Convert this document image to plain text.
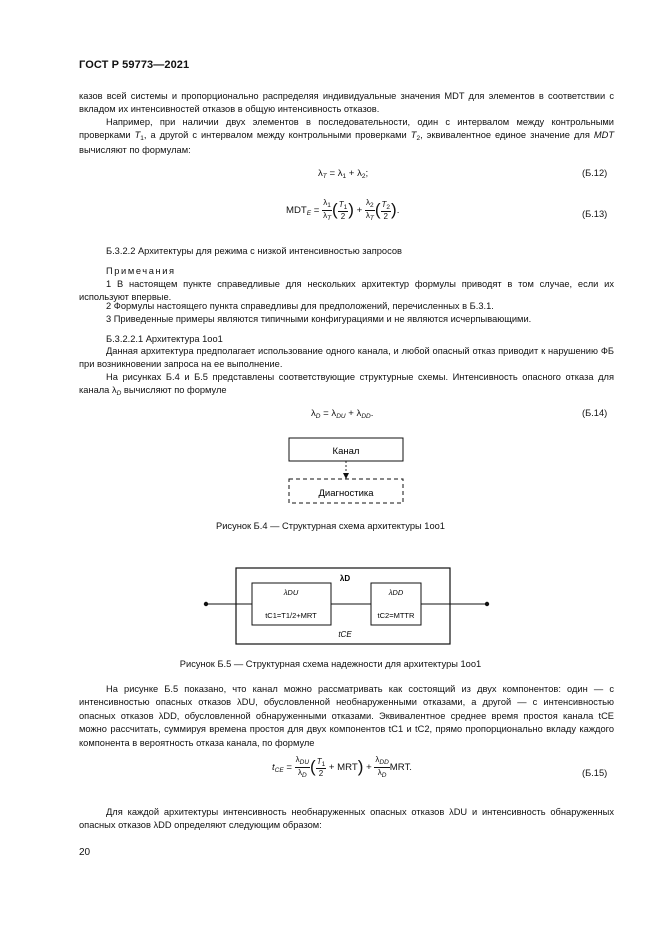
ГОСТ Р 59773—2021
казов всей системы и пропорционально распределяя индивидуальные значения MDT для элементов в соответствии с вкладом их интенсивностей отказов в общую интенсивность отказов.
Например, при наличии двух элементов в последовательности, один с интервалом между контрольными проверками $T_1$, а другой с интервалом между контрольными проверками $T_2$, эквивалентное единое значение для MDT вычисляют по формулам:
$\lambda_T = \lambda_1 + \lambda_2$;	(Б.12)
$MDT_E = \frac{\lambda_1}{\lambda_T}$ ( $\frac{T_1}{2}$ ) + $\frac{\lambda_2}{\lambda_T}$ ( $\frac{T_2}{2}$ ).	(Б.13)
Б.3.2.2 Архитектуры для режима с низкой интенсивностью запросов
Примечания
1 В настоящем пункте справедливые для нескольких архитектур формулы приводят в том случае, если их используют впервые.
2 Формулы настоящего пункта справедливы для предположений, перечисленных в Б.3.1.
3 Приведенные примеры являются типичными конфигурациями и не являются исчерпывающими.
Б.3.2.2.1 Архитектура 1oo1
Данная архитектура предполагает использование одного канала, и любой опасный отказ приводит к нарушению ФБ при возникновении запроса на ее выполнение.
На рисунках Б.4 и Б.5 представлены соответствующие структурные схемы. Интенсивность опасного отказа для канала $\lambda_D$ вычисляют по формуле
$\lambda_D = \lambda_{DU} + \lambda_{DD}$.	(Б.14)
Канал
Диагностика
Рисунок Б.4 — Структурная схема архитектуры 1oo1
λD
λDU	λDD
tC1=T1/2+MRT	tC2=MTTR
tCE
Рисунок Б.5 — Структурная схема надежности для архитектуры 1oo1
На рисунке Б.5 показано, что канал можно рассматривать как состоящий из двух компонентов: один — с интенсивностью опасных отказов λDU, обусловленной необнаруженными отказами, а другой — с интенсивностью опасных отказов λDD, обусловленной обнаруженными отказами. Эквивалентное среднее время простоя канала tCE можно рассчитать, суммируя времена простоя для двух компонентов tC1 и tC2, прямо пропорционально вкладу каждого компонента в вероятность отказа канала, по формуле
$t_{CE} = \frac{\lambda_{DU}}{\lambda_D}$ ( $\frac{T_1}{2} + MRT) + \frac{\lambda_{DD}}{\lambda_D}$ MRT.
(Б.15)
Для каждой архитектуры интенсивность необнаруженных опасных отказов λDU и интенсивность обнаруженных опасных отказов λDD определяют следующим образом:
20
